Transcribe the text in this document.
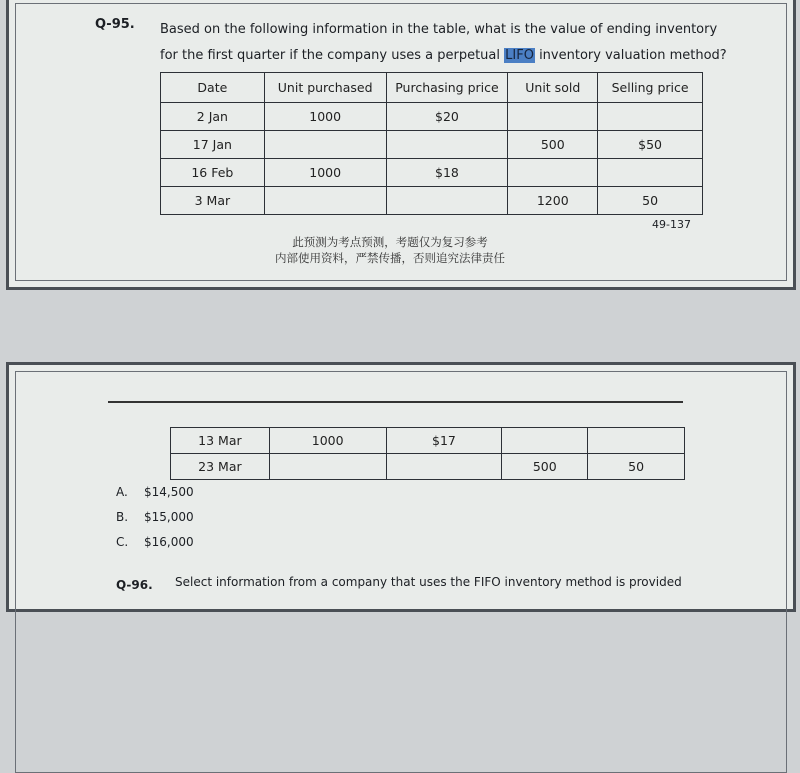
Q-95. Based on the following information in the table, what is the value of ending inventory
for the first quarter if the company uses a perpetual LIFO inventory valuation method?
Date	Unit purchased	Purchasing price	Unit sold	Selling price
2 Jan	1000	$20		
17 Jan			500	$50
16 Feb	1000	$18		
3 Mar			1200	50
49-137
此预测为考点预测，考题仅为复习参考
内部使用资料，严禁传播，否则追究法律责任
13 Mar	1000	$17		
23 Mar			500	50
A. $14,500
B. $15,000
C. $16,000
Q-96. Select information from a company that uses the FIFO inventory method is provided
